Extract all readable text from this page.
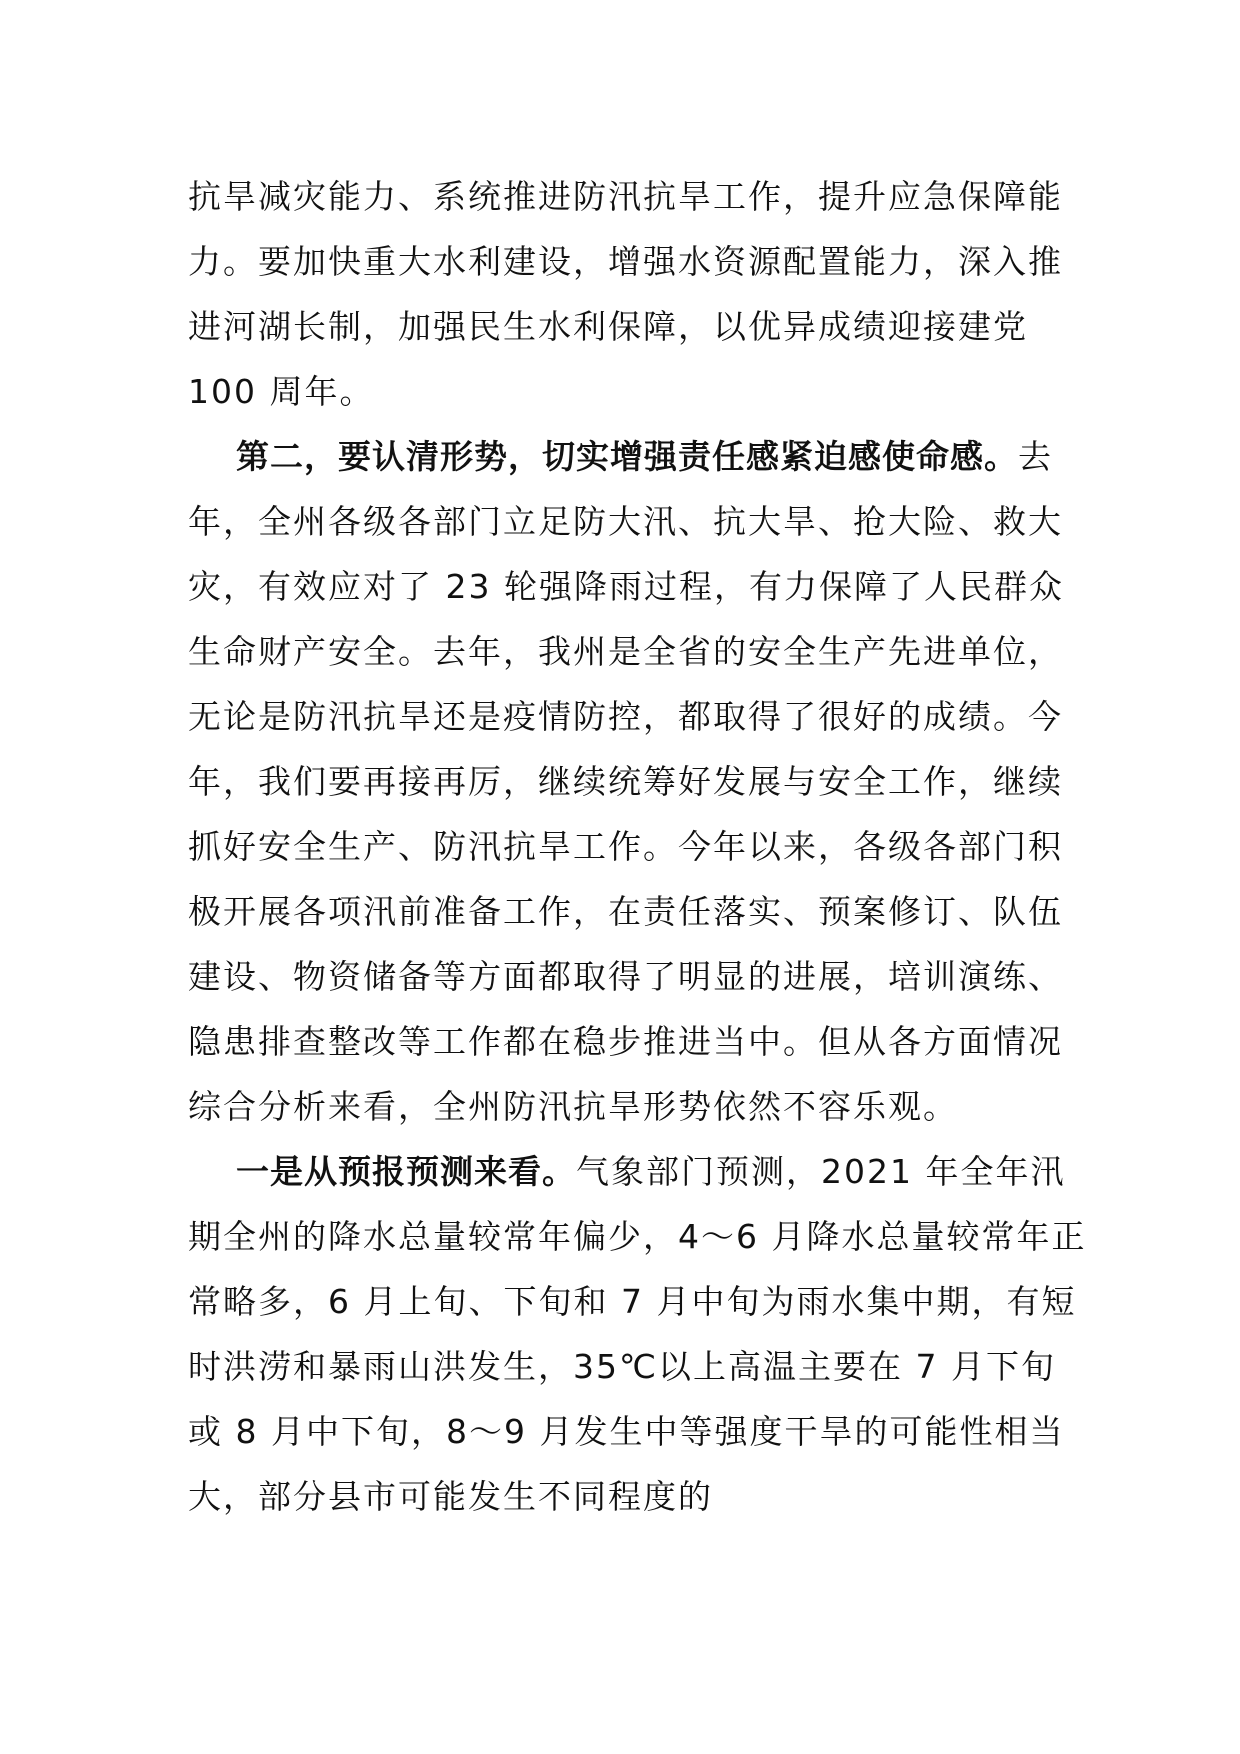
抗旱减灾能力、系统推进防汛抗旱工作，提升应急保障能力。要加快重大水利建设，增强水资源配置能力，深入推进河湖长制，加强民生水利保障，以优异成绩迎接建党 100 周年。

第二，要认清形势，切实增强责任感紧迫感使命感。去年，全州各级各部门立足防大汛、抗大旱、抢大险、救大灾，有效应对了 23 轮强降雨过程，有力保障了人民群众生命财产安全。去年，我州是全省的安全生产先进单位，无论是防汛抗旱还是疫情防控，都取得了很好的成绩。今年，我们要再接再厉，继续统筹好发展与安全工作，继续抓好安全生产、防汛抗旱工作。今年以来，各级各部门积极开展各项汛前准备工作，在责任落实、预案修订、队伍建设、物资储备等方面都取得了明显的进展，培训演练、隐患排查整改等工作都在稳步推进当中。但从各方面情况综合分析来看，全州防汛抗旱形势依然不容乐观。

一是从预报预测来看。气象部门预测，2021 年全年汛期全州的降水总量较常年偏少，4～6 月降水总量较常年正常略多，6 月上旬、下旬和 7 月中旬为雨水集中期，有短时洪涝和暴雨山洪发生，35℃以上高温主要在 7 月下旬或 8 月中下旬，8～9 月发生中等强度干旱的可能性相当大，部分县市可能发生不同程度的
